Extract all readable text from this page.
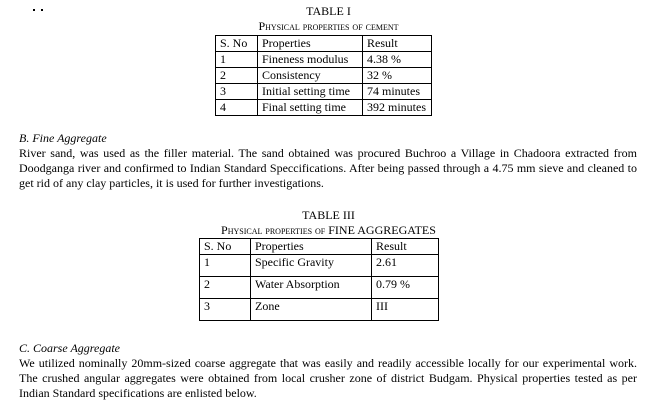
TABLE I
Physical properties of cement
S. No	Properties	Result
1	Fineness modulus	4.38 %
2	Consistency	32 %
3	Initial setting time	74 minutes
4	Final setting time	392 minutes
B. Fine Aggregate
River sand, was used as the filler material. The sand obtained was procured Buchroo a Village in Chadoora extracted from Doodganga river and confirmed to Indian Standard Speccifications. After being passed through a 4.75 mm sieve and cleaned to get rid of any clay particles, it is used for further investigations.
TABLE III
Physical properties of FINE AGGREGATES
S. No	Properties	Result
1	Specific Gravity	2.61
2	Water Absorption	0.79 %
3	Zone	III
C. Coarse Aggregate
We utilized nominally 20mm-sized coarse aggregate that was easily and readily accessible locally for our experimental work. The crushed angular aggregates were obtained from local crusher zone of district Budgam. Physical properties tested as per Indian Standard specifications are enlisted below.
